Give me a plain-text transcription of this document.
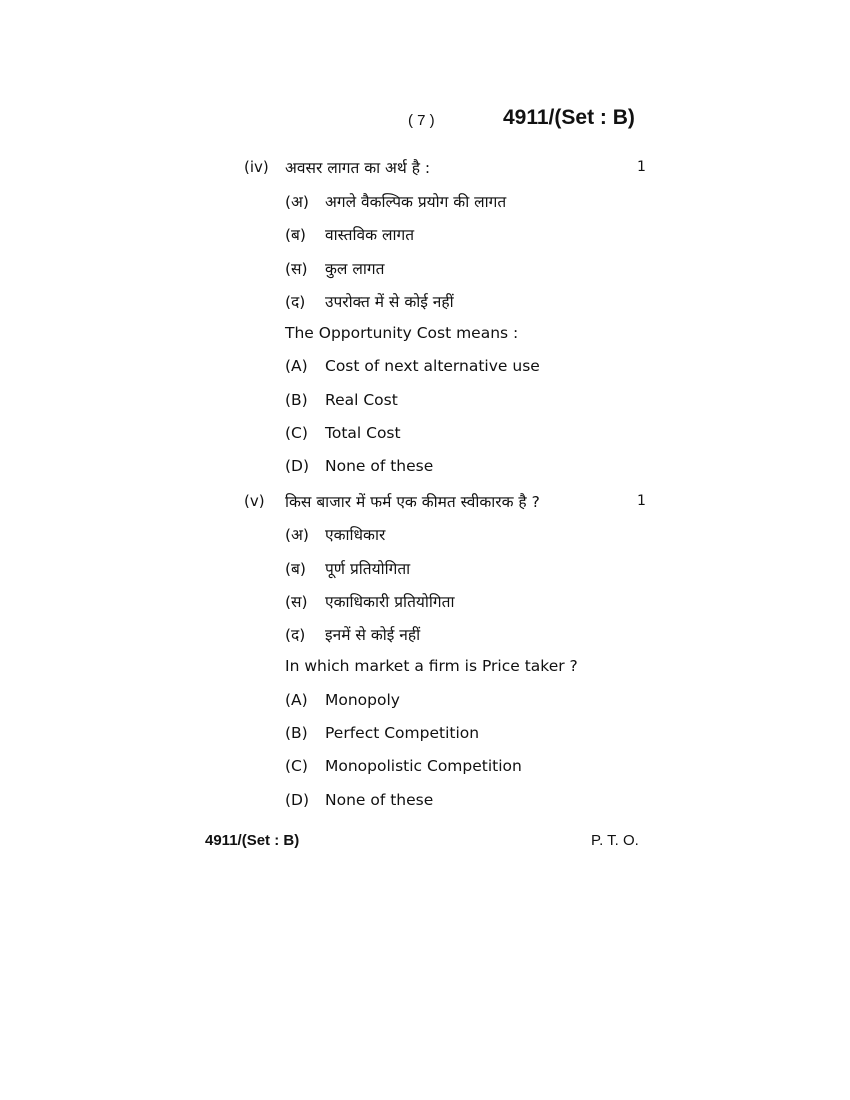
( 7 )	4911/(Set : B)
(iv) अवसर लागत का अर्थ है :	1
(अ) अगले वैकल्पिक प्रयोग की लागत
(ब) वास्तविक लागत
(स) कुल लागत
(द) उपरोक्त में से कोई नहीं
The Opportunity Cost means :
(A) Cost of next alternative use
(B) Real Cost
(C) Total Cost
(D) None of these
(v) किस बाजार में फर्म एक कीमत स्वीकारक है ?	1
(अ) एकाधिकार
(ब) पूर्ण प्रतियोगिता
(स) एकाधिकारी प्रतियोगिता
(द) इनमें से कोई नहीं
In which market a firm is Price taker ?
(A) Monopoly
(B) Perfect Competition
(C) Monopolistic Competition
(D) None of these
4911/(Set : B)	P. T. O.
